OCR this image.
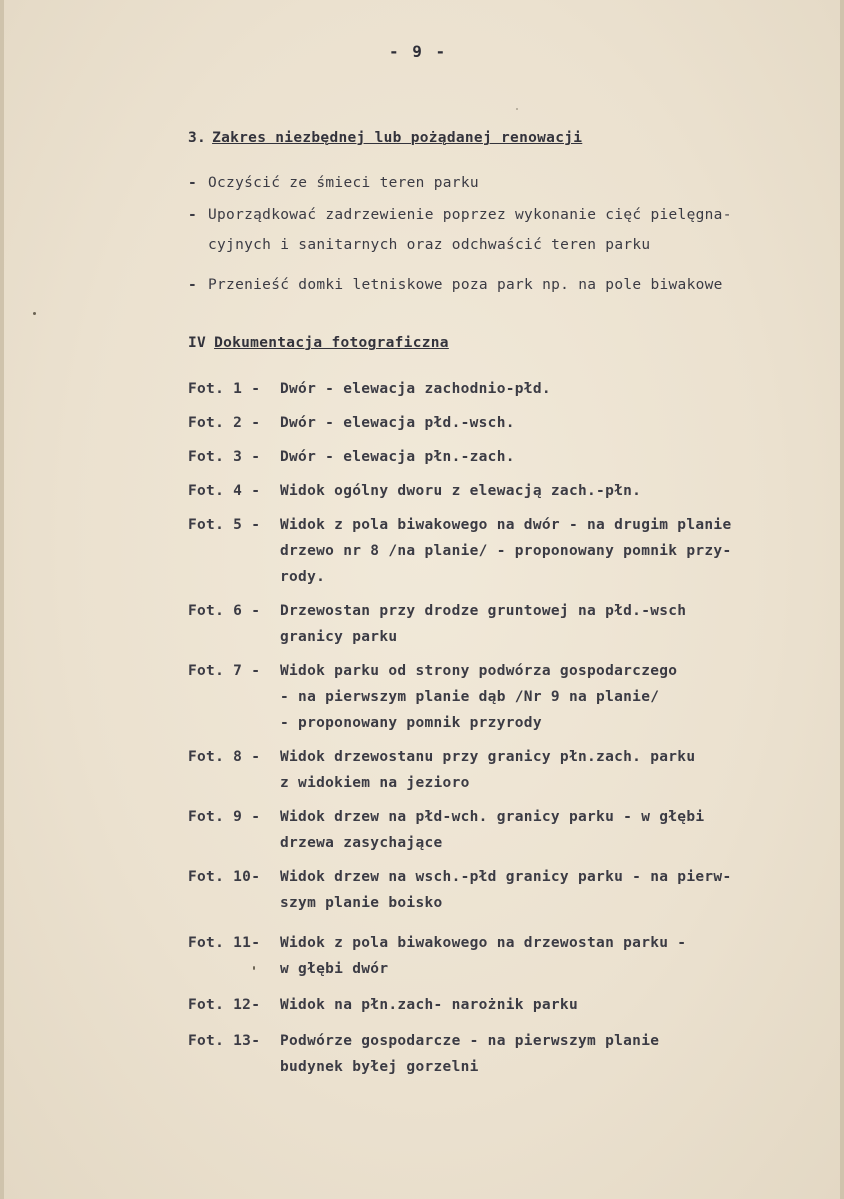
- 9 -
3. Zakres niezbędnej lub pożądanej renowacji
- Oczyścić ze śmieci teren parku
- Uporządkować zadrzewienie poprzez wykonanie cięć pielęgna-
cyjnych i sanitarnych oraz odchwaścić teren parku
- Przenieść domki letniskowe poza park np. na pole biwakowe
IV Dokumentacja fotograficzna
Fot. 1 - Dwór - elewacja zachodnio-płd.
Fot. 2 - Dwór - elewacja płd.-wsch.
Fot. 3 - Dwór - elewacja płn.-zach.
Fot. 4 - Widok ogólny dworu z elewacją zach.-płn.
Fot. 5 - Widok z pola biwakowego na dwór - na drugim planie
drzewo nr 8 /na planie/ - proponowany pomnik przy-
rody.
Fot. 6 - Drzewostan przy drodze gruntowej na płd.-wsch
granicy parku
Fot. 7 - Widok parku od strony podwórza gospodarczego
- na pierwszym planie dąb /Nr 9 na planie/
- proponowany pomnik przyrody
Fot. 8 - Widok drzewostanu przy granicy płn.zach. parku
z widokiem na jezioro
Fot. 9 - Widok drzew na płd-wch. granicy parku - w głębi
drzewa zasychające
Fot. 10- Widok drzew na wsch.-płd granicy parku - na pierw-
szym planie boisko
Fot. 11- Widok z pola biwakowego na drzewostan parku -
w głębi dwór
Fot. 12- Widok na płn.zach- narożnik parku
Fot. 13- Podwórze gospodarcze - na pierwszym planie
budynek byłej gorzelni
